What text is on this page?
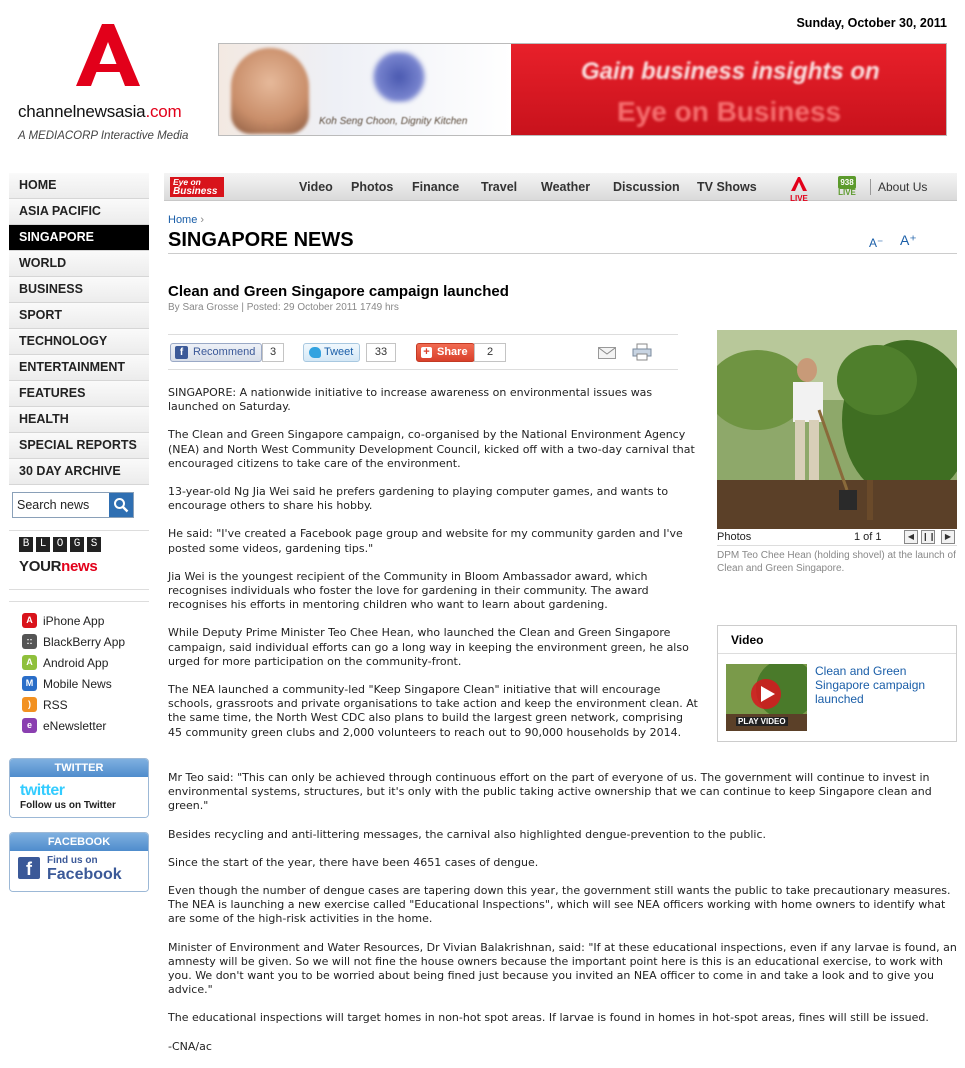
channelnewsasia.com
A MEDIACORP Interactive Media
Sunday, October 30, 2011
Koh Seng Choon, Dignity Kitchen
Gain business insights on
Eye on Business
HOME
ASIA PACIFIC
SINGAPORE
WORLD
BUSINESS
SPORT
TECHNOLOGY
ENTERTAINMENT
FEATURES
HEALTH
SPECIAL REPORTS
30 DAY ARCHIVE
Search news
B L O G S
YOURnews
A iPhone App
:: BlackBerry App
A Android App
M Mobile News
)	RSS
e eNewsletter
TWITTER
twitter
Follow us on Twitter
FACEBOOK
f	Find us on
Facebook
Eye on
Business	Video Photos Finance Travel Weather Discussion TV Shows
LIVE
938
LIVE About Us
Home ›
SINGAPORE NEWS	A⁻ A⁺
Clean and Green Singapore campaign launched
By Sara Grosse | Posted: 29 October 2011 1749 hrs
f Recommend	3	Tweet	33	+ Share	2

SINGAPORE: A nationwide initiative to increase awareness on environmental issues was launched on Saturday.

The Clean and Green Singapore campaign, co-organised by the National Environment Agency (NEA) and North West Community Development Council, kicked off with a two-day carnival that encouraged citizens to take care of the environment.

13-year-old Ng Jia Wei said he prefers gardening to playing computer games, and wants to encourage others to share his hobby.

He said: "I've created a Facebook page group and website for my community garden and I've posted some videos, gardening tips."

Jia Wei is the youngest recipient of the Community in Bloom Ambassador award, which recognises individuals who foster the love for gardening in their community. The award recognises his efforts in mentoring children who want to learn about gardening.

While Deputy Prime Minister Teo Chee Hean, who launched the Clean and Green Singapore campaign, said individual efforts can go a long way in keeping the environment green, he also urged for more participation on the community-front.

The NEA launched a community-led "Keep Singapore Clean" initiative that will encourage schools, grassroots and private organisations to take action and keep the environment clean. At the same time, the North West CDC also plans to build the largest green network, comprising 45 community green clubs and 2,000 volunteers to reach out to 90,000 households by 2014.

Mr Teo said: "This can only be achieved through continuous effort on the part of everyone of us. The government will continue to invest in environmental systems, structures, but it's only with the public taking active ownership that we can continue to keep Singapore clean and green."

Besides recycling and anti-littering messages, the carnival also highlighted dengue-prevention to the public.

Since the start of the year, there have been 4651 cases of dengue.

Even though the number of dengue cases are tapering down this year, the government still wants the public to take precautionary measures. The NEA is launching a new exercise called "Educational Inspections", which will see NEA officers working with home owners to identify what are some of the high-risk activities in the home.

Minister of Environment and Water Resources, Dr Vivian Balakrishnan, said: "If at these educational inspections, even if any larvae is found, an amnesty will be given. So we will not fine the house owners because the important point here is this is an educational exercise, to work with you. We don't want you to be worried about being fined just because you invited an NEA officer to come in and take a look and to give you advice."

The educational inspections will target homes in non-hot spot areas. If larvae is found in homes in hot-spot areas, fines will still be issued.

-CNA/ac

Photos	1 of 1	◀ ❙❙	▶
DPM Teo Chee Hean (holding shovel) at the launch of Clean and Green Singapore.
Video
PLAY VIDEO
Clean and Green Singapore campaign launched
